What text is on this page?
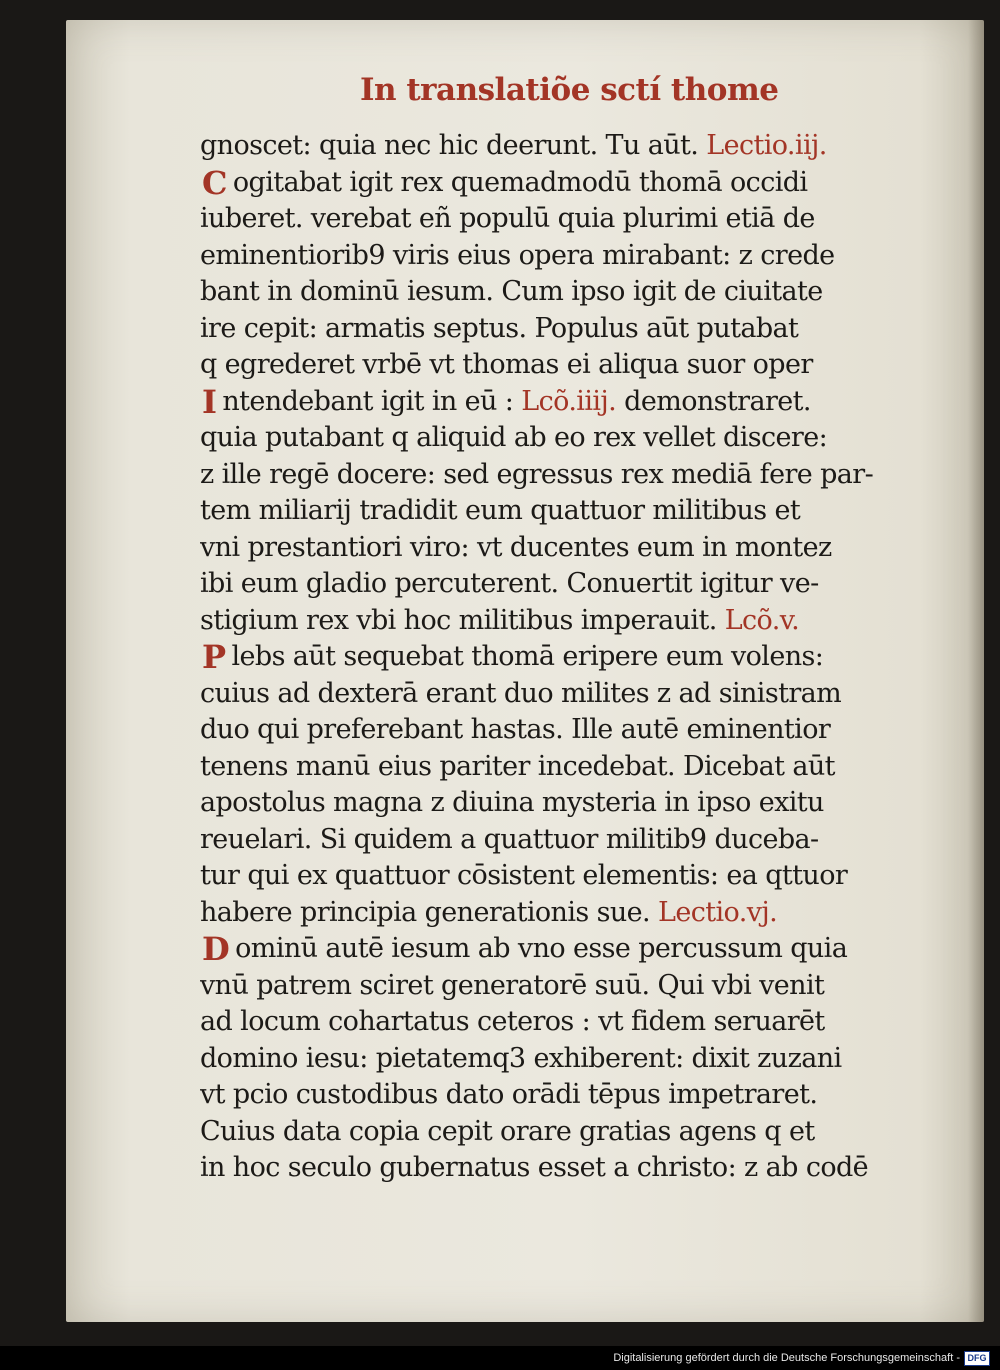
In translatiõe sctí thome
gnoscet: quia nec hic deerunt. Tu aūt.
Lectio.iij.
C ogitabat igit rex quemadmodū thomā occidi
iuberet. verebat eñ populū quia plurimi etiā de
eminentiorib9 viris eius opera mirabant: z crede
bant in dominū iesum. Cum ipso igit de ciuitate
ire cepit: armatis septus. Populus aūt putabat
q egrederet vrbē vt thomas ei aliqua suor oper
I ntendebant igit in eū :
Lcõ.iiij.
demonstraret.
quia putabant q aliquid ab eo rex vellet discere:
z ille regē docere: sed egressus rex mediā fere par-
tem miliarij tradidit eum quattuor militibus et
vni prestantiori viro: vt ducentes eum in montez
ibi eum gladio percuterent. Conuertit igitur ve-
stigium rex vbi hoc militibus imperauit.
Lcõ.v.
P lebs aūt sequebat thomā eripere eum volens:
cuius ad dexterā erant duo milites z ad sinistram
duo qui preferebant hastas. Ille autē eminentior
tenens manū eius pariter incedebat. Dicebat aūt
apostolus magna z diuina mysteria in ipso exitu
reuelari. Si quidem a quattuor militib9 duceba-
tur qui ex quattuor cōsistent elementis: ea qttuor
habere principia generationis sue.
Lectio.vj.
D ominū autē iesum ab vno esse percussum quia
vnū patrem sciret generatorē suū. Qui vbi venit
ad locum cohartatus ceteros : vt fidem seruarēt
domino iesu: pietatemq3 exhiberent: dixit zuzani
vt pcio custodibus dato orādi tēpus impetraret.
Cuius data copia cepit orare gratias agens q et
in hoc seculo gubernatus esset a christo: z ab codē
Digitalisierung gefördert durch die Deutsche Forschungsgemeinschaft - DFG
